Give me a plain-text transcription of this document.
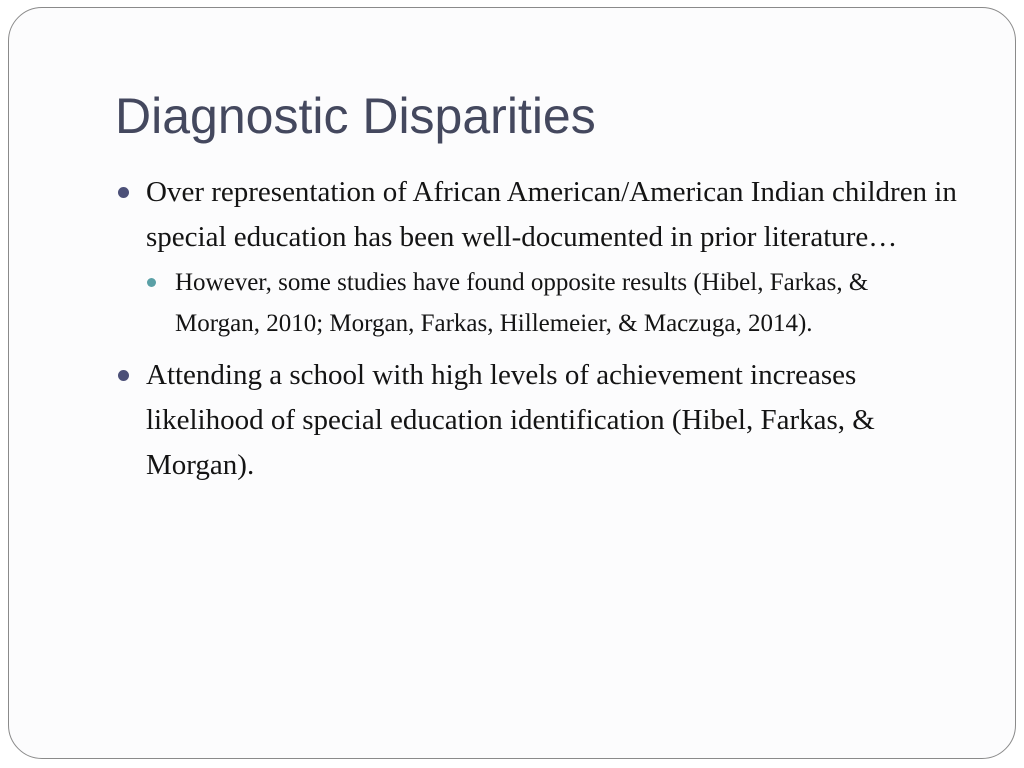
Diagnostic Disparities
Over representation of African American/American Indian children in special education has been well-documented in prior literature…
However, some studies have found opposite results (Hibel, Farkas, & Morgan, 2010; Morgan, Farkas, Hillemeier, & Maczuga, 2014).
Attending a school with high levels of achievement increases likelihood of special education identification (Hibel, Farkas, & Morgan).
